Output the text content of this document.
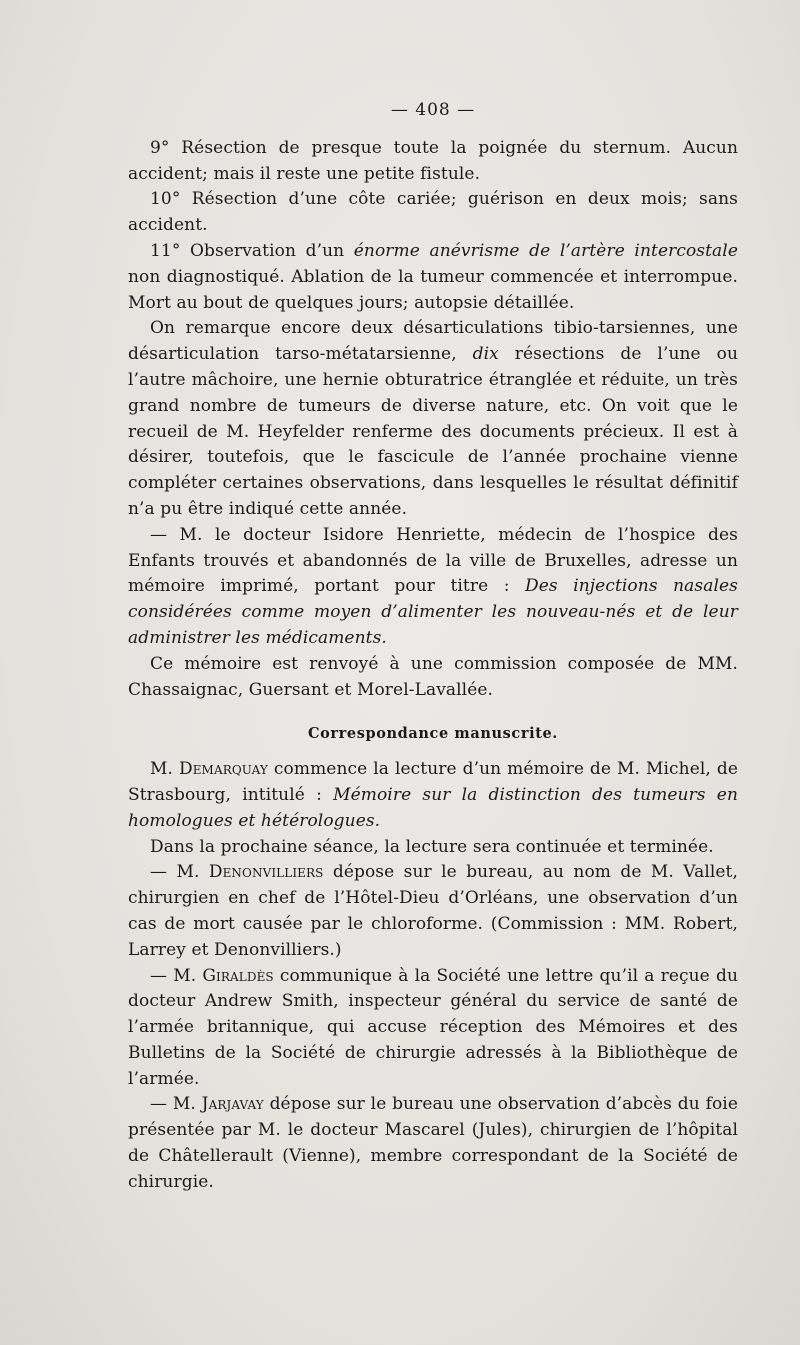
— 408 —

9° Résection de presque toute la poignée du sternum. Aucun accident; mais il reste une petite fistule.

10° Résection d’une côte cariée; guérison en deux mois; sans accident.

11° Observation d’un énorme anévrisme de l’artère intercostale non diagnostiqué. Ablation de la tumeur commencée et interrompue. Mort au bout de quelques jours; autopsie détaillée.

On remarque encore deux désarticulations tibio-tarsiennes, une désarticulation tarso-métatarsienne, dix résections de l’une ou l’autre mâchoire, une hernie obturatrice étranglée et réduite, un très grand nombre de tumeurs de diverse nature, etc. On voit que le recueil de M. Heyfelder renferme des documents précieux. Il est à désirer, toutefois, que le fascicule de l’année prochaine vienne compléter certaines observations, dans lesquelles le résultat définitif n’a pu être indiqué cette année.

— M. le docteur Isidore Henriette, médecin de l’hospice des Enfants trouvés et abandonnés de la ville de Bruxelles, adresse un mémoire imprimé, portant pour titre : Des injections nasales considérées comme moyen d’alimenter les nouveau-nés et de leur administrer les médicaments.

Ce mémoire est renvoyé à une commission composée de MM. Chassaignac, Guersant et Morel-Lavallée.

Correspondance manuscrite.

M. Demarquay commence la lecture d’un mémoire de M. Michel, de Strasbourg, intitulé : Mémoire sur la distinction des tumeurs en homologues et hétérologues.

Dans la prochaine séance, la lecture sera continuée et terminée.

— M. Denonvilliers dépose sur le bureau, au nom de M. Vallet, chirurgien en chef de l’Hôtel-Dieu d’Orléans, une observation d’un cas de mort causée par le chloroforme. (Commission : MM. Robert, Larrey et Denonvilliers.)

— M. Giraldès communique à la Société une lettre qu’il a reçue du docteur Andrew Smith, inspecteur général du service de santé de l’armée britannique, qui accuse réception des Mémoires et des Bulletins de la Société de chirurgie adressés à la Bibliothèque de l’armée.

— M. Jarjavay dépose sur le bureau une observation d’abcès du foie présentée par M. le docteur Mascarel (Jules), chirurgien de l’hôpital de Châtellerault (Vienne), membre correspondant de la Société de chirurgie.
